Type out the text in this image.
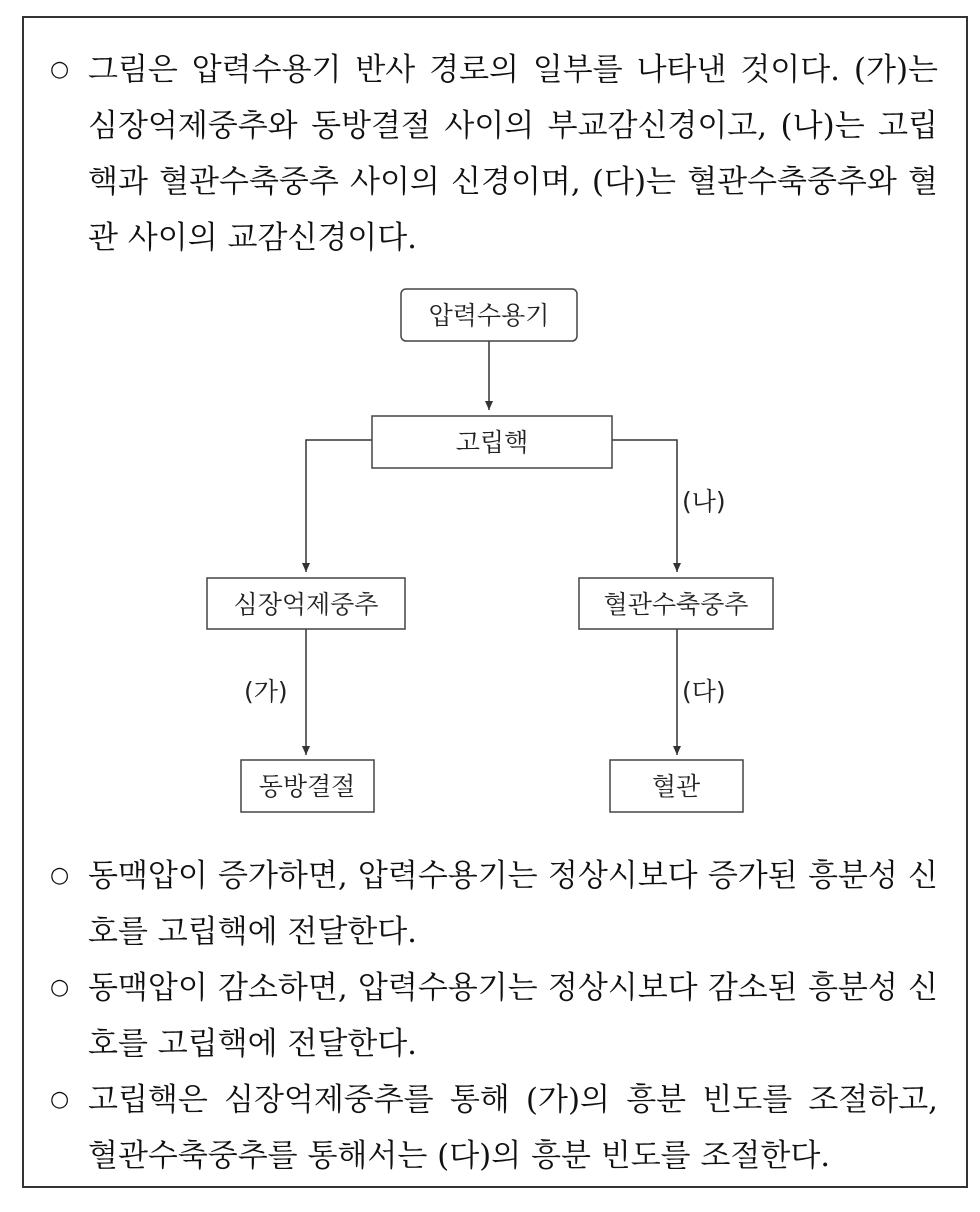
○ 그림은 압력수용기 반사 경로의 일부를 나타낸 것이다. (가)는 심장억제중추와 동방결절 사이의 부교감신경이고, (나)는 고립핵과 혈관수축중추 사이의 신경이며, (다)는 혈관수축중추와 혈관 사이의 교감신경이다.
압력수용기
고립핵
심장억제중추	혈관수축중추
동방결절	혈관
(나)
(가)	(다)
○ 동맥압이 증가하면, 압력수용기는 정상시보다 증가된 흥분성 신호를 고립핵에 전달한다.
○ 동맥압이 감소하면, 압력수용기는 정상시보다 감소된 흥분성 신호를 고립핵에 전달한다.
○ 고립핵은 심장억제중추를 통해 (가)의 흥분 빈도를 조절하고, 혈관수축중추를 통해서는 (다)의 흥분 빈도를 조절한다.
